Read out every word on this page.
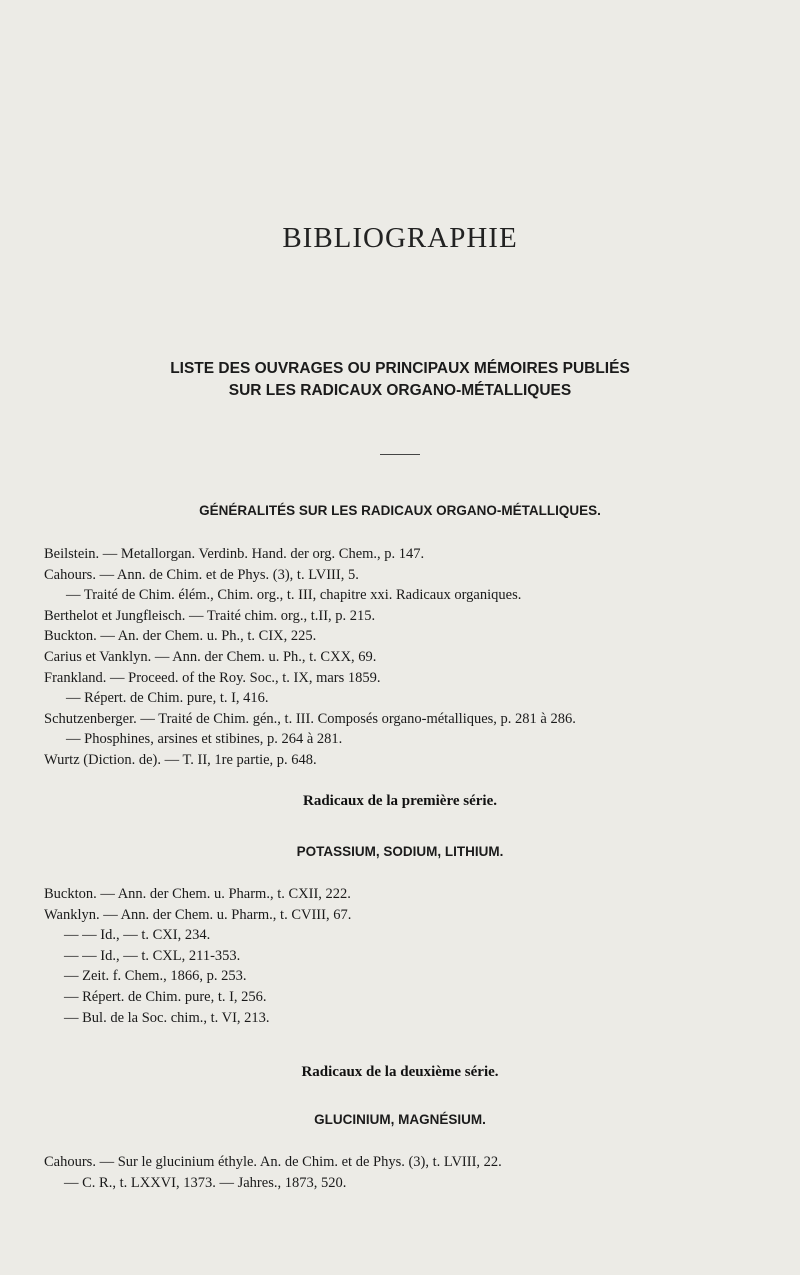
BIBLIOGRAPHIE
LISTE DES OUVRAGES OU PRINCIPAUX MÉMOIRES PUBLIÉS
SUR LES RADICAUX ORGANO-MÉTALLIQUES
GÉNÉRALITÉS SUR LES RADICAUX ORGANO-MÉTALLIQUES.
Beilstein. — Metallorgan. Verdinb. Hand. der org. Chem., p. 147.
Cahours. — Ann. de Chim. et de Phys. (3), t. LVIII, 5.
— Traité de Chim. élém., Chim. org., t. III, chapitre xxi. Radicaux organiques.
Berthelot et Jungfleisch. — Traité chim. org., t.II, p. 215.
Buckton. — An. der Chem. u. Ph., t. CIX, 225.
Carius et Vanklyn. — Ann. der Chem. u. Ph., t. CXX, 69.
Frankland. — Proceed. of the Roy. Soc., t. IX, mars 1859.
— Répert. de Chim. pure, t. I, 416.
Schutzenberger. — Traité de Chim. gén., t. III. Composés organo-métalliques, p. 281 à 286.
— Phosphines, arsines et stibines, p. 264 à 281.
Wurtz (Diction. de). — T. II, 1re partie, p. 648.
Radicaux de la première série.
POTASSIUM, SODIUM, LITHIUM.
Buckton. — Ann. der Chem. u. Pharm., t. CXII, 222.
Wanklyn. — Ann. der Chem. u. Pharm., t. CVIII, 67.
— — Id., — t. CXI, 234.
— — Id., — t. CXL, 211-353.
— Zeit. f. Chem., 1866, p. 253.
— Répert. de Chim. pure, t. I, 256.
— Bul. de la Soc. chim., t. VI, 213.
Radicaux de la deuxième série.
GLUCINIUM, MAGNÉSIUM.
Cahours. — Sur le glucinium éthyle. An. de Chim. et de Phys. (3), t. LVIII, 22.
— C. R., t. LXXVI, 1373. — Jahres., 1873, 520.
